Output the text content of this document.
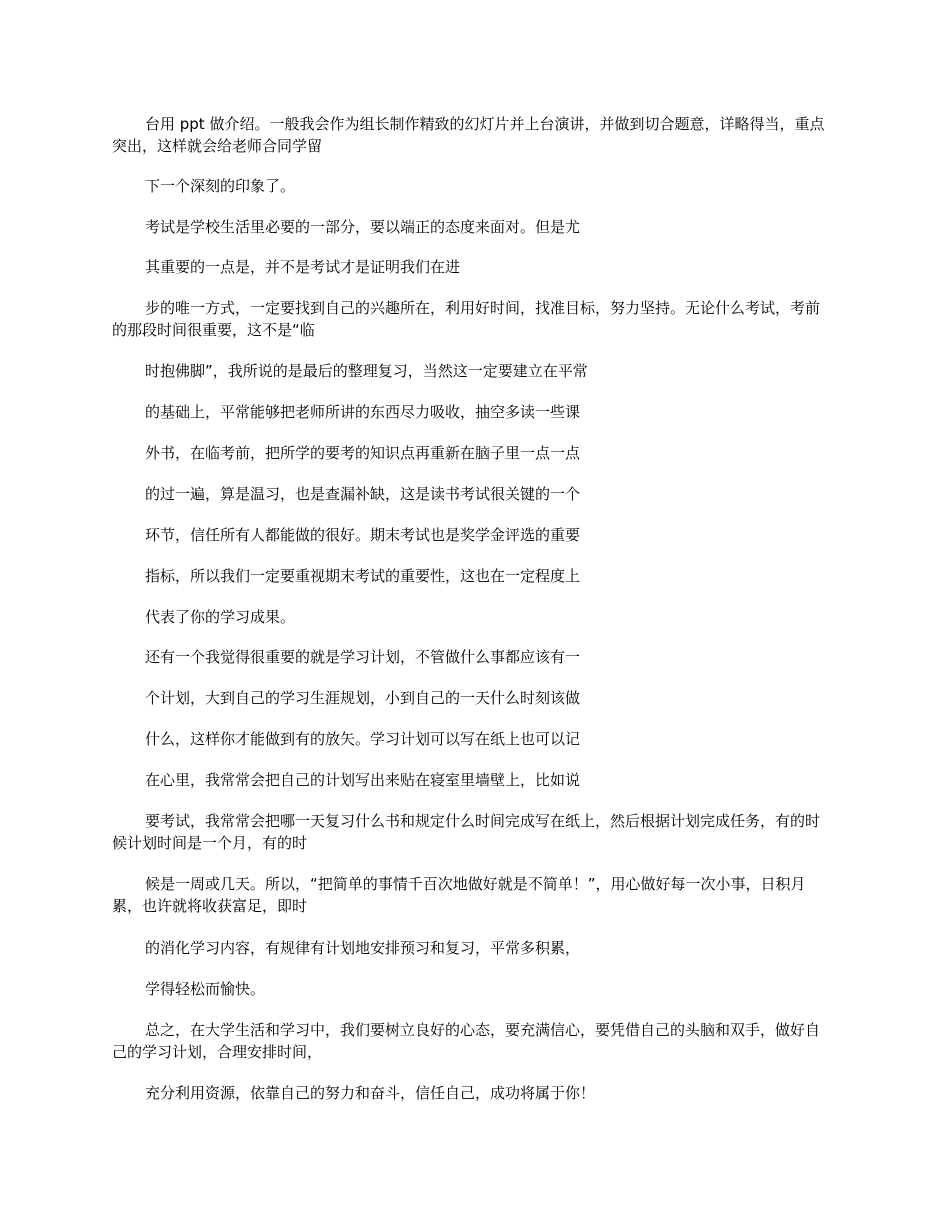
台用 ppt 做介绍。一般我会作为组长制作精致的幻灯片并上台演讲，并做到切合题意，详略得当，重点突出，这样就会给老师合同学留

下一个深刻的印象了。

考试是学校生活里必要的一部分，要以端正的态度来面对。但是尤

其重要的一点是，并不是考试才是证明我们在进

步的唯一方式，一定要找到自己的兴趣所在，利用好时间，找准目标，努力坚持。无论什么考试，考前的那段时间很重要，这不是“临

时抱佛脚”，我所说的是最后的整理复习，当然这一定要建立在平常

的基础上，平常能够把老师所讲的东西尽力吸收，抽空多读一些课

外书，在临考前，把所学的要考的知识点再重新在脑子里一点一点

的过一遍，算是温习，也是查漏补缺，这是读书考试很关键的一个

环节，信任所有人都能做的很好。期末考试也是奖学金评选的重要

指标，所以我们一定要重视期末考试的重要性，这也在一定程度上

代表了你的学习成果。

还有一个我觉得很重要的就是学习计划，不管做什么事都应该有一

个计划，大到自己的学习生涯规划，小到自己的一天什么时刻该做

什么，这样你才能做到有的放矢。学习计划可以写在纸上也可以记

在心里，我常常会把自己的计划写出来贴在寝室里墙壁上，比如说

要考试，我常常会把哪一天复习什么书和规定什么时间完成写在纸上，然后根据计划完成任务，有的时候计划时间是一个月，有的时

候是一周或几天。所以，“把简单的事情千百次地做好就是不简单！”，用心做好每一次小事，日积月累，也许就将收获富足，即时

的消化学习内容，有规律有计划地安排预习和复习，平常多积累，

学得轻松而愉快。

总之，在大学生活和学习中，我们要树立良好的心态，要充满信心，要凭借自己的头脑和双手，做好自己的学习计划，合理安排时间，

充分利用资源，依靠自己的努力和奋斗，信任自己，成功将属于你！
